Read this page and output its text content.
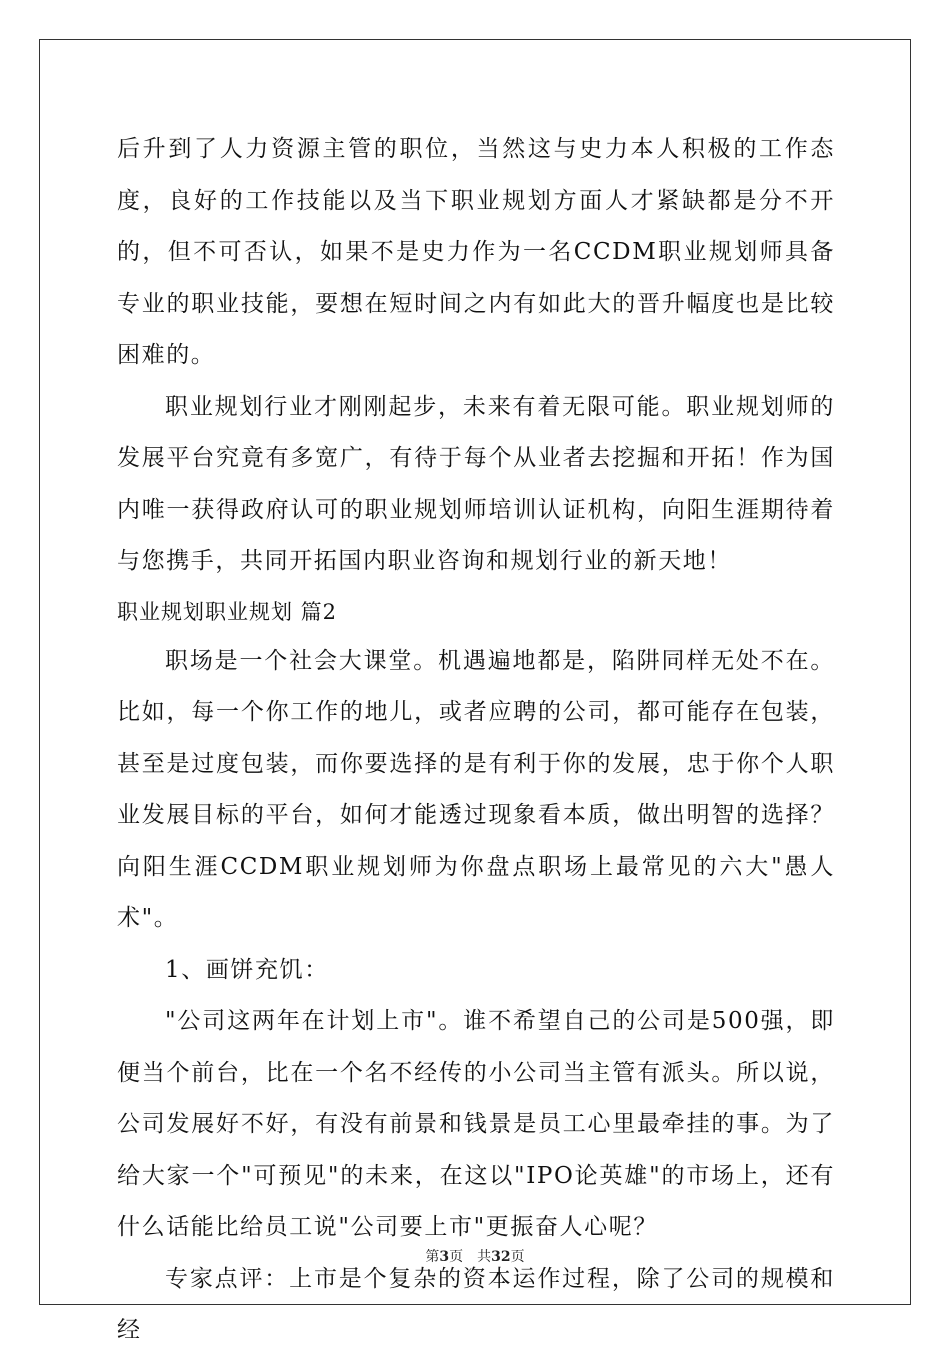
后升到了人力资源主管的职位，当然这与史力本人积极的工作态度，良好的工作技能以及当下职业规划方面人才紧缺都是分不开的，但不可否认，如果不是史力作为一名CCDM职业规划师具备专业的职业技能，要想在短时间之内有如此大的晋升幅度也是比较困难的。

职业规划行业才刚刚起步，未来有着无限可能。职业规划师的发展平台究竟有多宽广，有待于每个从业者去挖掘和开拓！作为国内唯一获得政府认可的职业规划师培训认证机构，向阳生涯期待着与您携手，共同开拓国内职业咨询和规划行业的新天地！

职业规划职业规划 篇2

职场是一个社会大课堂。机遇遍地都是，陷阱同样无处不在。比如，每一个你工作的地儿，或者应聘的公司，都可能存在包装，甚至是过度包装，而你要选择的是有利于你的发展，忠于你个人职业发展目标的平台，如何才能透过现象看本质，做出明智的选择？向阳生涯CCDM职业规划师为你盘点职场上最常见的六大"愚人术"。

1、画饼充饥：

"公司这两年在计划上市"。谁不希望自己的公司是500强，即便当个前台，比在一个名不经传的小公司当主管有派头。所以说，公司发展好不好，有没有前景和钱景是员工心里最牵挂的事。为了给大家一个"可预见"的未来，在这以"IPO论英雄"的市场上，还有什么话能比给员工说"公司要上市"更振奋人心呢？

专家点评：上市是个复杂的资本运作过程，除了公司的规模和经

第3页 共32页
